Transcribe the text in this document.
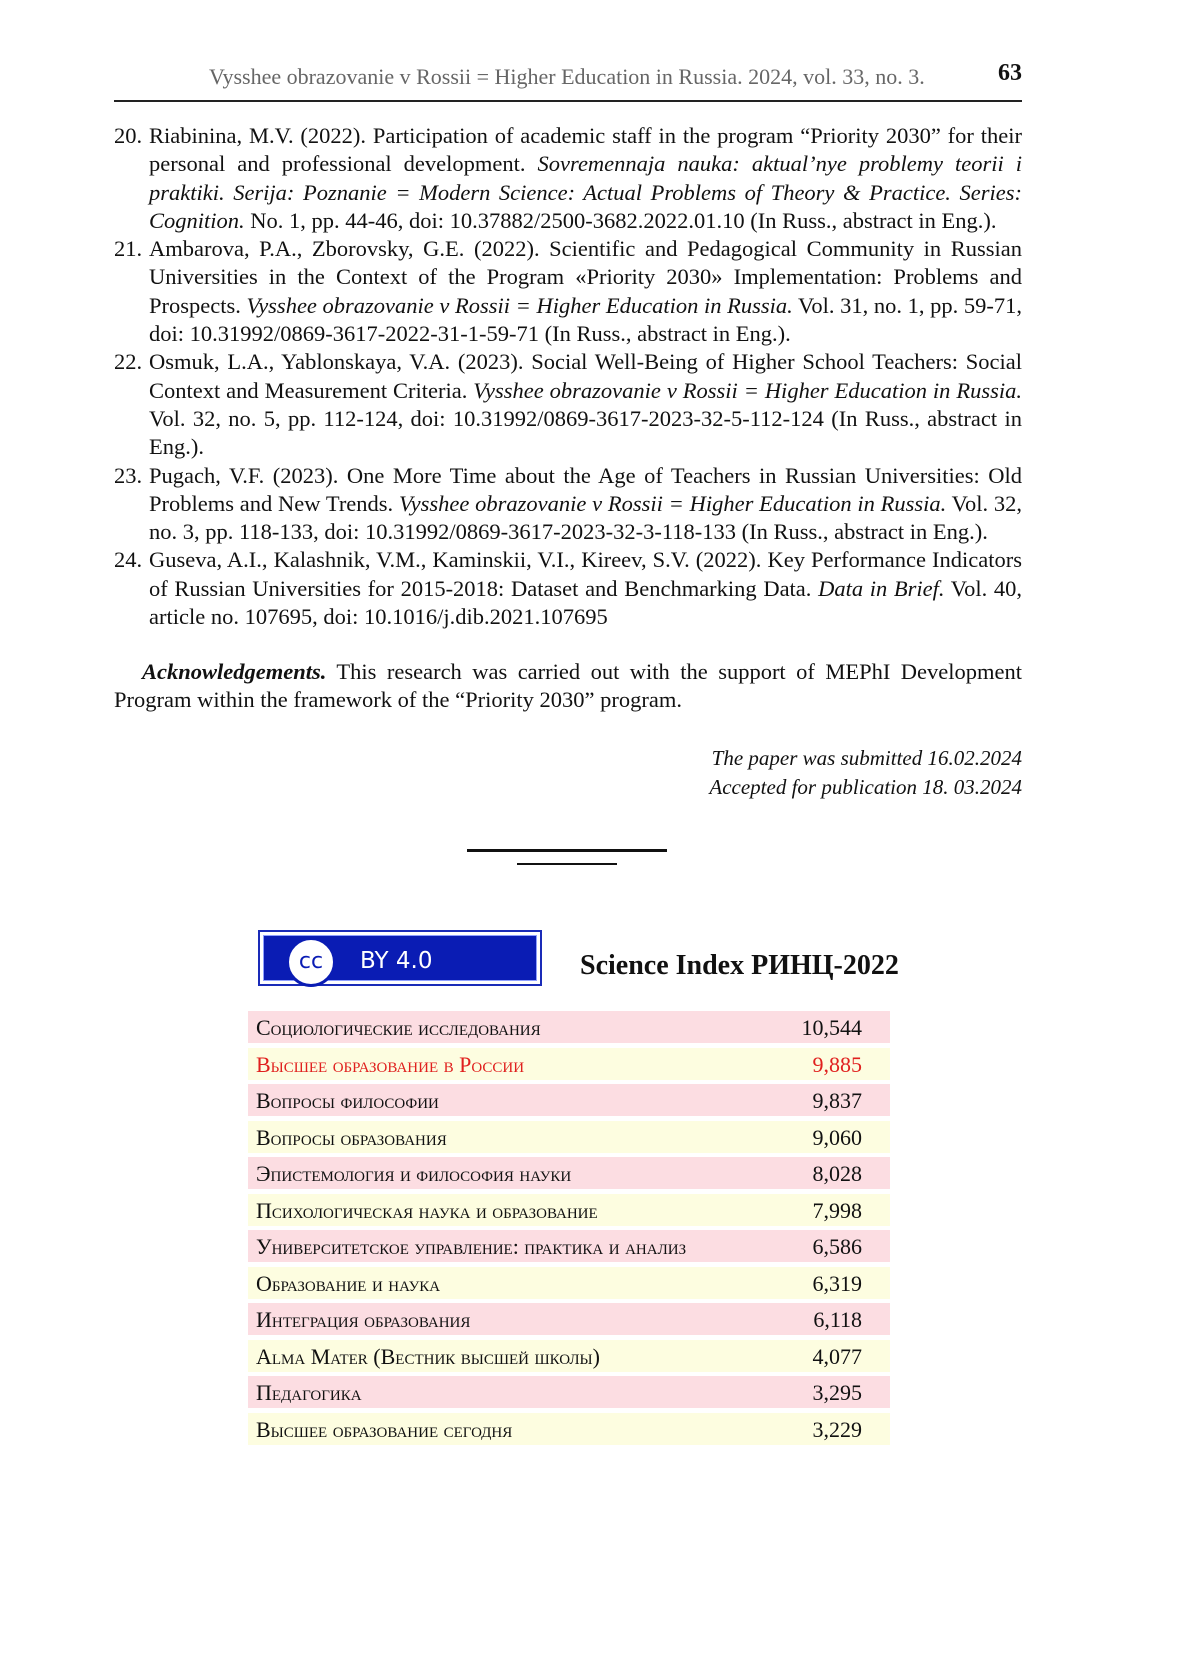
Vysshee obrazovanie v Rossii = Higher Education in Russia. 2024, vol. 33, no. 3.	63
20. Riabinina, M.V. (2022). Participation of academic staff in the program “Priority 2030” for their personal and professional development. Sovremennaja nauka: aktual’nye problemy teorii i praktiki. Serija: Poznanie = Modern Science: Actual Problems of Theory & Practice. Series: Cognition. No. 1, pp. 44-46, doi: 10.37882/2500-3682.2022.01.10 (In Russ., abstract in Eng.).
21. Ambarova, P.A., Zborovsky, G.E. (2022). Scientific and Pedagogical Community in Russian Universities in the Context of the Program «Priority 2030» Implementation: Problems and Prospects. Vysshee obrazovanie v Rossii = Higher Education in Russia. Vol. 31, no. 1, pp. 59-71, doi: 10.31992/0869-3617-2022-31-1-59-71 (In Russ., abstract in Eng.).
22. Osmuk, L.A., Yablonskaya, V.A. (2023). Social Well-Being of Higher School Teachers: Social Context and Measurement Criteria. Vysshee obrazovanie v Rossii = Higher Education in Russia. Vol. 32, no. 5, pp. 112-124, doi: 10.31992/0869-3617-2023-32-5-112-124 (In Russ., abstract in Eng.).
23. Pugach, V.F. (2023). One More Time about the Age of Teachers in Russian Universities: Old Problems and New Trends. Vysshee obrazovanie v Rossii = Higher Education in Russia. Vol. 32, no. 3, pp. 118-133, doi: 10.31992/0869-3617-2023-32-3-118-133 (In Russ., abstract in Eng.).
24. Guseva, A.I., Kalashnik, V.M., Kaminskii, V.I., Kireev, S.V. (2022). Key Performance Indicators of Russian Universities for 2015-2018: Dataset and Benchmarking Data. Data in Brief. Vol. 40, article no. 107695, doi: 10.1016/j.dib.2021.107695
Acknowledgements. This research was carried out with the support of MEPhI Development Program within the framework of the “Priority 2030” program.
The paper was submitted 16.02.2024
Accepted for publication 18. 03.2024
cc	BY 4.0	Science Index РИНЦ-2022
Социологические исследования	10,544
Высшее образование в России	9,885
Вопросы философии	9,837
Вопросы образования	9,060
Эпистемология и философия науки	8,028
Психологическая наука и образование	7,998
Университетское управление: практика и анализ	6,586
Образование и наука	6,319
Интеграция образования	6,118
Alma Mater (Вестник высшей школы)	4,077
Педагогика	3,295
Высшее образование сегодня	3,229
